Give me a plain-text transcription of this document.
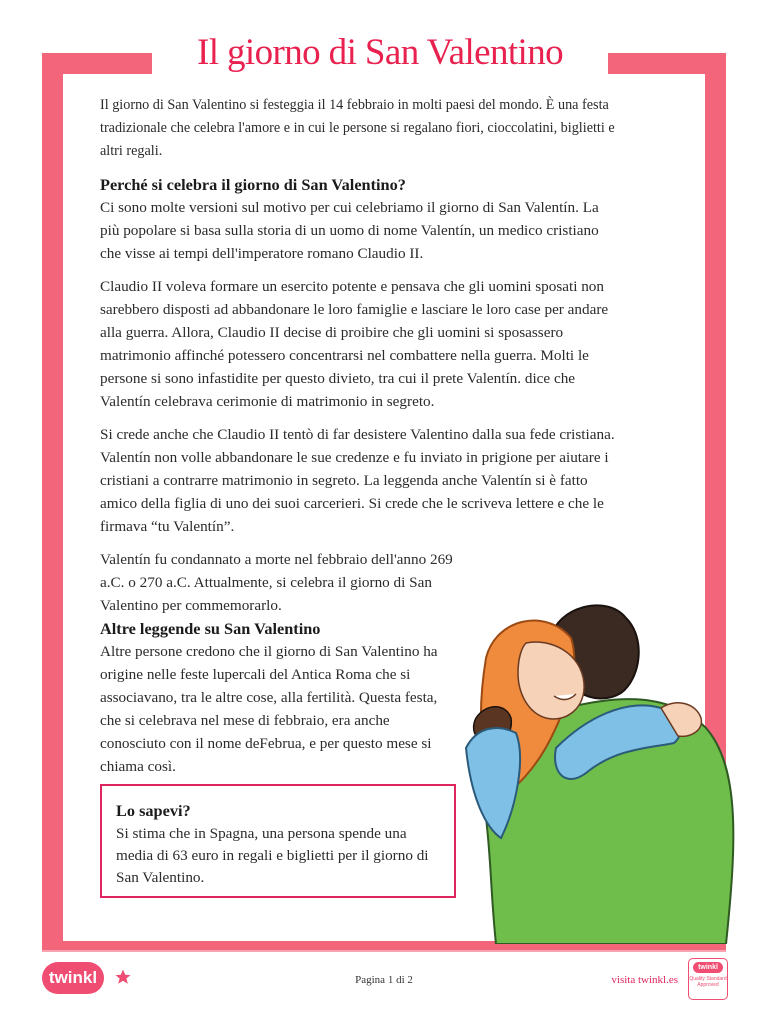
Il giorno di San Valentino

Il giorno di San Valentino si festeggia il 14 febbraio in molti paesi del mondo. È una festa tradizionale che celebra l'amore e in cui le persone si regalano fiori, cioccolatini, biglietti e altri regali.

Perché si celebra il giorno di San Valentino?

Ci sono molte versioni sul motivo per cui celebriamo il giorno di San Valentín. La più popolare si basa sulla storia di un uomo di nome Valentín, un medico cristiano che visse ai tempi dell'imperatore romano Claudio II.

Claudio II voleva formare un esercito potente e pensava che gli uomini sposati non sarebbero disposti ad abbandonare le loro famiglie e lasciare le loro case per andare alla guerra. Allora, Claudio II decise di proibire che gli uomini si sposassero matrimonio affinché potessero concentrarsi nel combattere nella guerra. Molti le persone si sono infastidite per questo divieto, tra cui il prete Valentín. dice che Valentín celebrava cerimonie di matrimonio in segreto.

Si crede anche che Claudio II tentò di far desistere Valentino dalla sua fede cristiana. Valentín non volle abbandonare le sue credenze e fu inviato in prigione per aiutare i cristiani a contrarre matrimonio in segreto. La leggenda anche Valentín si è fatto amico della figlia di uno dei suoi carcerieri. Si crede che le scriveva lettere e che le firmava “tu Valentín”.

Valentín fu condannato a morte nel febbraio dell'anno 269 a.C. o 270 a.C. Attualmente, si celebra il giorno di San Valentino per commemorarlo.

Altre leggende su San Valentino

Altre persone credono che il giorno di San Valentino ha origine nelle feste lupercali del Antica Roma che si associavano, tra le altre cose, alla fertilità. Questa festa, che si celebrava nel mese di febbraio, era anche conosciuto con il nome deFebrua, e per questo mese si chiama così.

Lo sapevi?

Si stima che in Spagna, una persona spende una media di 63 euro in regali e biglietti per il giorno di San Valentino.

twinkl	Pagina 1 di 2	visita twinkl.es
twinkl
Quality Standard Approved
